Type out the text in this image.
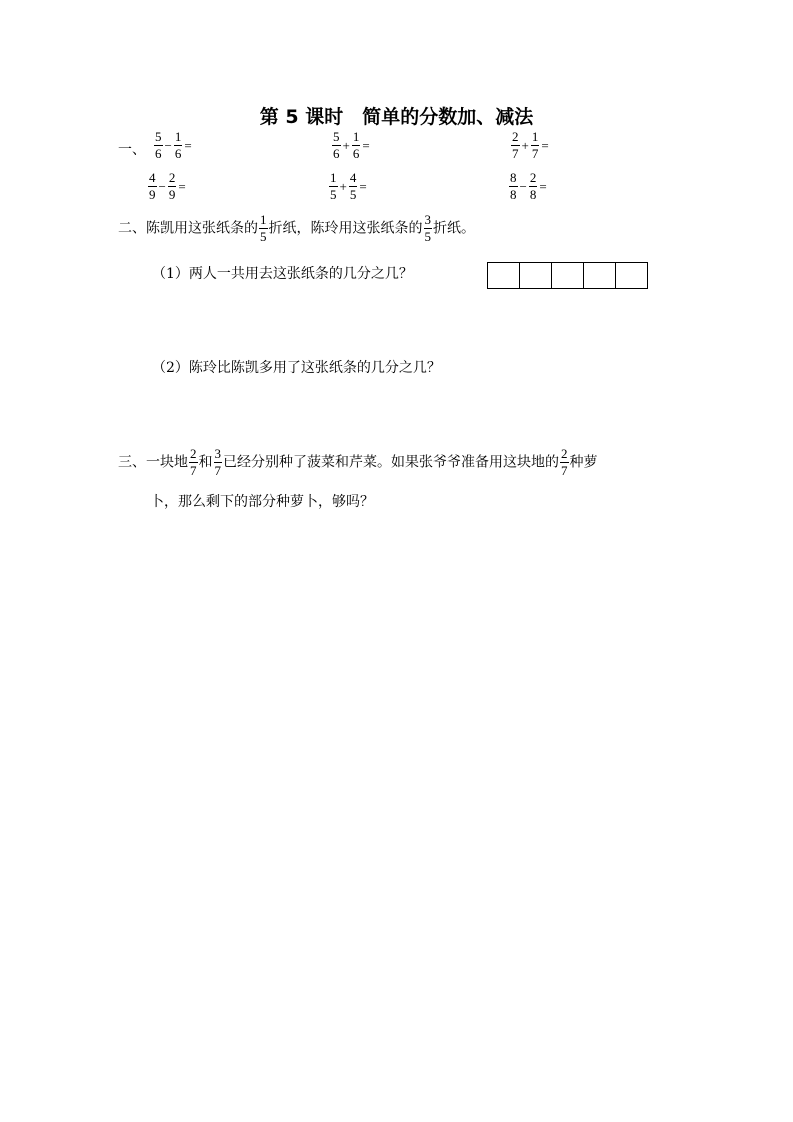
第 5 课时　简单的分数加、减法
一、 $\frac{5}{6} - \frac{1}{6}$ =	$\frac{5}{6} + \frac{1}{6}$ =	$\frac{2}{7} + \frac{1}{7}$ =
$\frac{4}{9} - \frac{2}{9}$ =	$\frac{1}{5} + \frac{4}{5}$ =	$\frac{8}{8} - \frac{2}{8}$ =
二、陈凯用这张纸条的 $\frac{1}{5}$ 折纸，陈玲用这张纸条的 $\frac{3}{5}$ 折纸。
（1）两人一共用去这张纸条的几分之几？
（2）陈玲比陈凯多用了这张纸条的几分之几？
三、一块地 $\frac{2}{7}$ 和 $\frac{3}{7}$ 已经分别种了菠菜和芹菜。如果张爷爷准备用这块地的 $\frac{2}{7}$ 种萝
卜，那么剩下的部分种萝卜，够吗？
